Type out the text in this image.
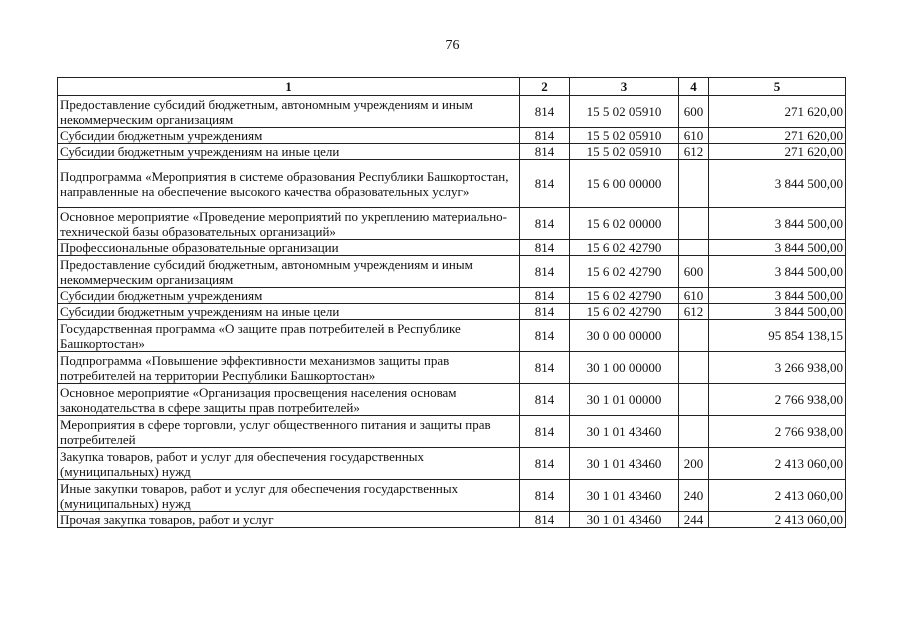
76
1	2	3	4	5
Предоставление субсидий бюджетным, автономным учреждениям и иным некоммерческим организациям	814	15 5 02 05910	600	271 620,00
Субсидии бюджетным учреждениям	814	15 5 02 05910	610	271 620,00
Субсидии бюджетным учреждениям на иные цели	814	15 5 02 05910	612	271 620,00
Подпрограмма «Мероприятия в системе образования Республики Башкортостан, направленные на обеспечение высокого качества образовательных услуг»	814	15 6 00 00000		3 844 500,00
Основное мероприятие «Проведение мероприятий по укреплению материально-технической базы образовательных организаций»	814	15 6 02 00000		3 844 500,00
Профессиональные образовательные организации	814	15 6 02 42790		3 844 500,00
Предоставление субсидий бюджетным, автономным учреждениям и иным некоммерческим организациям	814	15 6 02 42790	600	3 844 500,00
Субсидии бюджетным учреждениям	814	15 6 02 42790	610	3 844 500,00
Субсидии бюджетным учреждениям на иные цели	814	15 6 02 42790	612	3 844 500,00
Государственная программа «О защите прав потребителей в Республике Башкортостан»	814	30 0 00 00000		95 854 138,15
Подпрограмма «Повышение эффективности механизмов защиты прав потребителей на территории Республики Башкортостан»	814	30 1 00 00000		3 266 938,00
Основное мероприятие «Организация просвещения населения основам законодательства в сфере защиты прав потребителей»	814	30 1 01 00000		2 766 938,00
Мероприятия в сфере торговли, услуг общественного питания и защиты прав потребителей	814	30 1 01 43460		2 766 938,00
Закупка товаров, работ и услуг для обеспечения государственных (муниципальных) нужд	814	30 1 01 43460	200	2 413 060,00
Иные закупки товаров, работ и услуг для обеспечения государственных (муниципальных) нужд	814	30 1 01 43460	240	2 413 060,00
Прочая закупка товаров, работ и услуг	814	30 1 01 43460	244	2 413 060,00
